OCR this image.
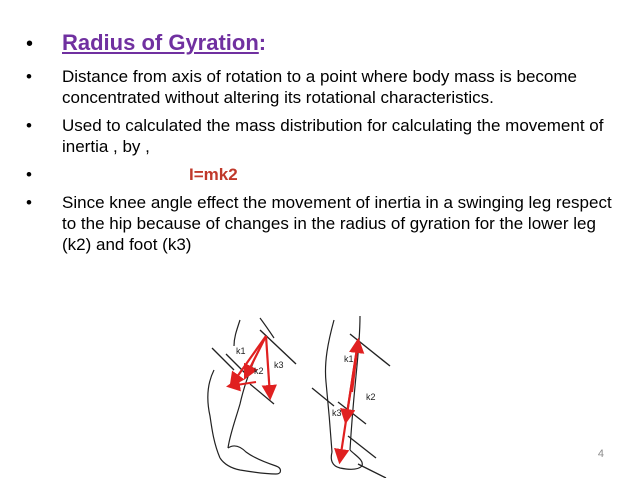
• Radius of Gyration:
• Distance from axis of rotation to a point where body mass is become concentrated without altering its rotational characteristics.
• Used to calculated the mass distribution for calculating the movement of inertia , by ,
•	I=mk2
• Since knee angle effect the movement of inertia in a swinging leg respect to the hip because of changes in the radius of gyration for the lower leg (k2) and foot (k3)
k1
k2
k3
k1
k2
k3
4
